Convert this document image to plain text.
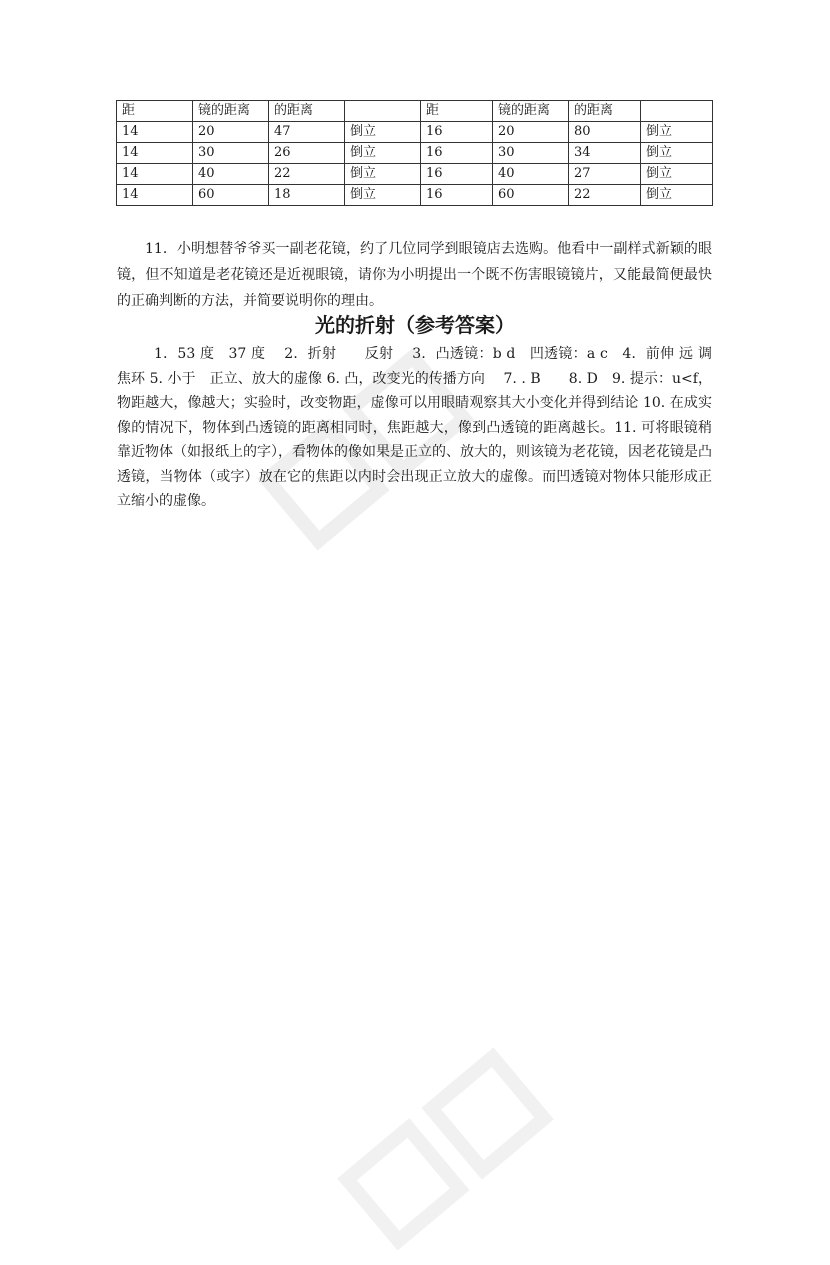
距	镜的距离	的距离		距	镜的距离	的距离	
14	20	47	倒立	16	20	80	倒立
14	30	26	倒立	16	30	34	倒立
14	40	22	倒立	16	40	27	倒立
14	60	18	倒立	16	60	22	倒立

11．小明想替爷爷买一副老花镜，约了几位同学到眼镜店去选购。他看中一副样式新颖的眼镜，但不知道是老花镜还是近视眼镜，请你为小明提出一个既不伤害眼镜镜片，又能最简便最快的正确判断的方法，并简要说明你的理由。

光的折射（参考答案）

1．53 度　37 度　 2．折射　　反射　 3．凸透镜：b d　凹透镜：a c　4．前伸 远 调焦环 5. 小于　正立、放大的虚像 6. 凸，改变光的传播方向　 7. . B　　8. D　9. 提示：u<f，物距越大，像越大；实验时，改变物距，虚像可以用眼睛观察其大小变化并得到结论 10. 在成实像的情况下，物体到凸透镜的距离相同时，焦距越大，像到凸透镜的距离越长。11. 可将眼镜稍靠近物体（如报纸上的字），看物体的像如果是正立的、放大的，则该镜为老花镜，因老花镜是凸透镜，当物体（或字）放在它的焦距以内时会出现正立放大的虚像。而凹透镜对物体只能形成正立缩小的虚像。
